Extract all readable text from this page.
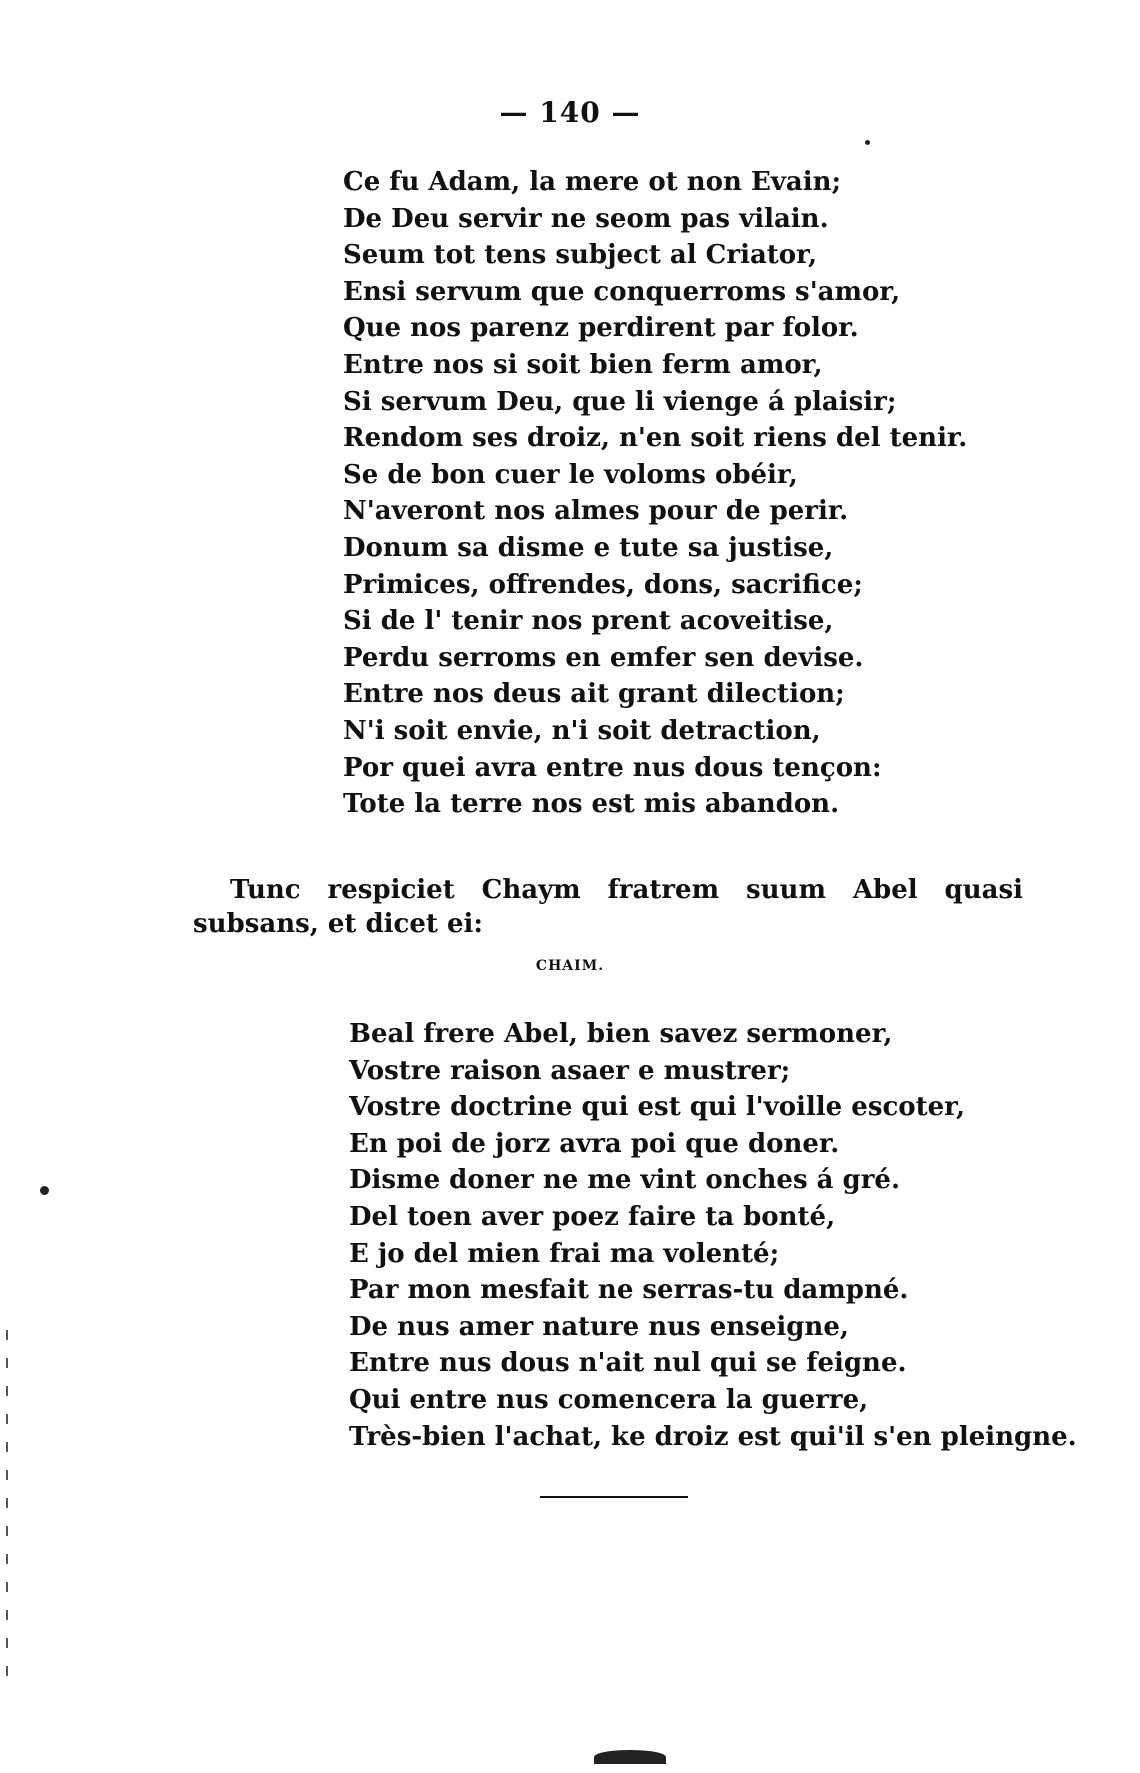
— 140 —
Ce fu Adam, la mere ot non Evain;
De Deu servir ne seom pas vilain.
Seum tot tens subject al Criator,
Ensi servum que conquerroms s'amor,
Que nos parenz perdirent par folor.
Entre nos si soit bien ferm amor,
Si servum Deu, que li vienge á plaisir;
Rendom ses droiz, n'en soit riens del tenir.
Se de bon cuer le voloms obéir,
N'averont nos almes pour de perir.
Donum sa disme e tute sa justise,
Primices, offrendes, dons, sacrifice;
Si de l' tenir nos prent acoveitise,
Perdu serroms en emfer sen devise.
Entre nos deus ait grant dilection;
N'i soit envie, n'i soit detraction,
Por quei avra entre nus dous tençon:
Tote la terre nos est mis abandon.

Tunc respiciet Chaym fratrem suum Abel quasi subsans, et dicet ei:

CHAIM.
Beal frere Abel, bien savez sermoner,
Vostre raison asaer e mustrer;
Vostre doctrine qui est qui l'voille escoter,
En poi de jorz avra poi que doner.
Disme doner ne me vint onches á gré.
Del toen aver poez faire ta bonté,
E jo del mien frai ma volenté;
Par mon mesfait ne serras-tu dampné.
De nus amer nature nus enseigne,
Entre nus dous n'ait nul qui se feigne.
Qui entre nus comencera la guerre,
Très-bien l'achat, ke droiz est qui'il s'en pleingne.
